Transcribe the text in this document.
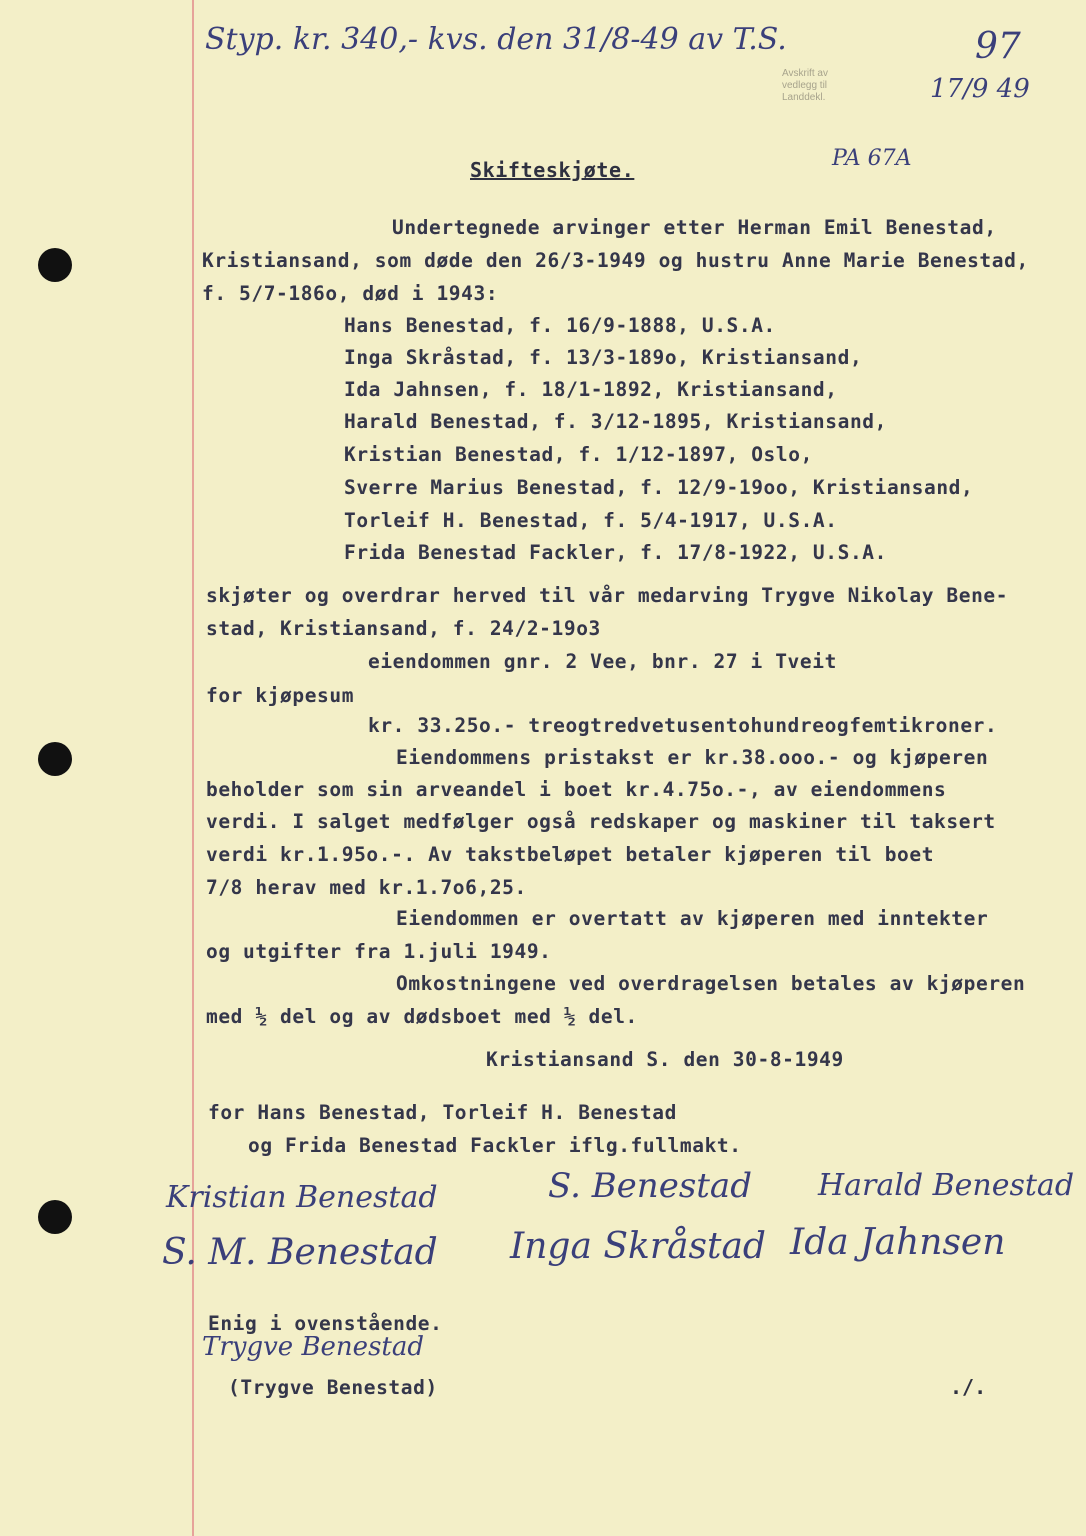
Styp. kr. 340,- kvs. den 31/8-49 av T.S.	97
17/9 49
Avskrift av
vedlegg til
Landdekl.
PA 67A
Skifteskjøte.
Undertegnede arvinger etter Herman Emil Benestad,
Kristiansand, som døde den 26/3-1949 og hustru Anne Marie Benestad,
f. 5/7-186o, død i 1943:
Hans Benestad, f. 16/9-1888, U.S.A.
Inga Skråstad, f. 13/3-189o, Kristiansand,
Ida Jahnsen, f. 18/1-1892, Kristiansand,
Harald Benestad, f. 3/12-1895, Kristiansand,
Kristian Benestad, f. 1/12-1897, Oslo,
Sverre Marius Benestad, f. 12/9-19oo, Kristiansand,
Torleif H. Benestad, f. 5/4-1917, U.S.A.
Frida Benestad Fackler, f. 17/8-1922, U.S.A.
skjøter og overdrar herved til vår medarving Trygve Nikolay Bene-
stad, Kristiansand, f. 24/2-19o3
eiendommen gnr. 2 Vee, bnr. 27 i Tveit
for kjøpesum
kr. 33.25o.- treogtredvetusentohundreogfemtikroner.
Eiendommens pristakst er kr.38.ooo.- og kjøperen
beholder som sin arveandel i boet kr.4.75o.-, av eiendommens
verdi. I salget medfølger også redskaper og maskiner til taksert
verdi kr.1.95o.-. Av takstbeløpet betaler kjøperen til boet
7/8 herav med kr.1.7o6,25.
Eiendommen er overtatt av kjøperen med inntekter
og utgifter fra 1.juli 1949.
Omkostningene ved overdragelsen betales av kjøperen
med ½ del og av dødsboet med ½ del.
Kristiansand S. den 30-8-1949
for Hans Benestad, Torleif H. Benestad
og Frida Benestad Fackler iflg.fullmakt.
Kristian Benestad	S. Benestad Harald Benestad
S. M. Benestad Inga Skråstad Ida Jahnsen
Enig i ovenstående.
Trygve Benestad
(Trygve Benestad)	./.
